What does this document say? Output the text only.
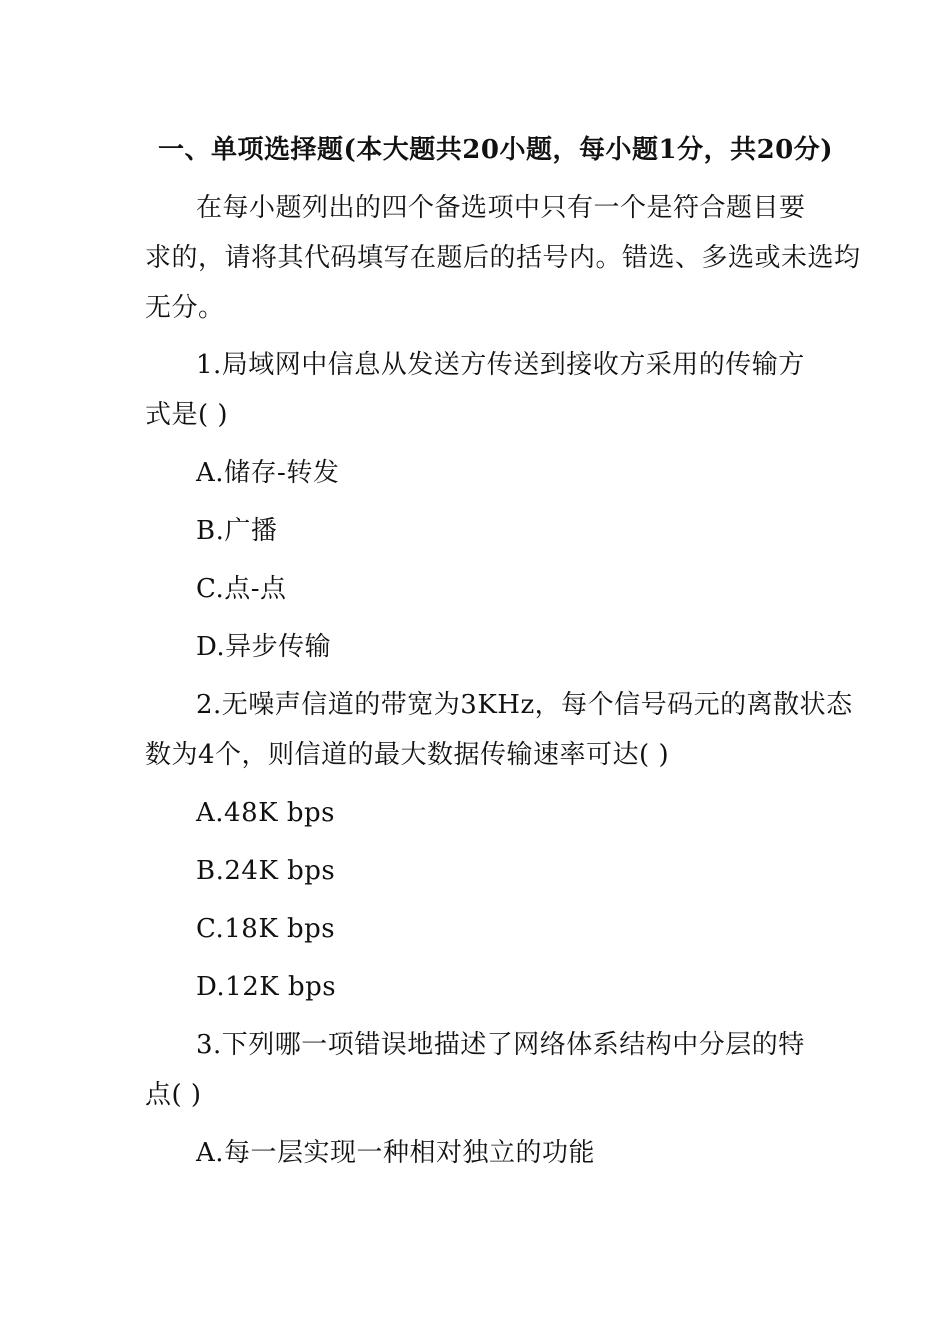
一、单项选择题(本大题共20小题，每小题1分，共20分)
在每小题列出的四个备选项中只有一个是符合题目要
求的，请将其代码填写在题后的括号内。错选、多选或未选均
无分。
1.局域网中信息从发送方传送到接收方采用的传输方
式是( )
A.储存-转发
B.广播
C.点-点
D.异步传输
2.无噪声信道的带宽为3KHz，每个信号码元的离散状态
数为4个，则信道的最大数据传输速率可达( )
A.48K bps
B.24K bps
C.18K bps
D.12K bps
3.下列哪一项错误地描述了网络体系结构中分层的特
点( )
A.每一层实现一种相对独立的功能
